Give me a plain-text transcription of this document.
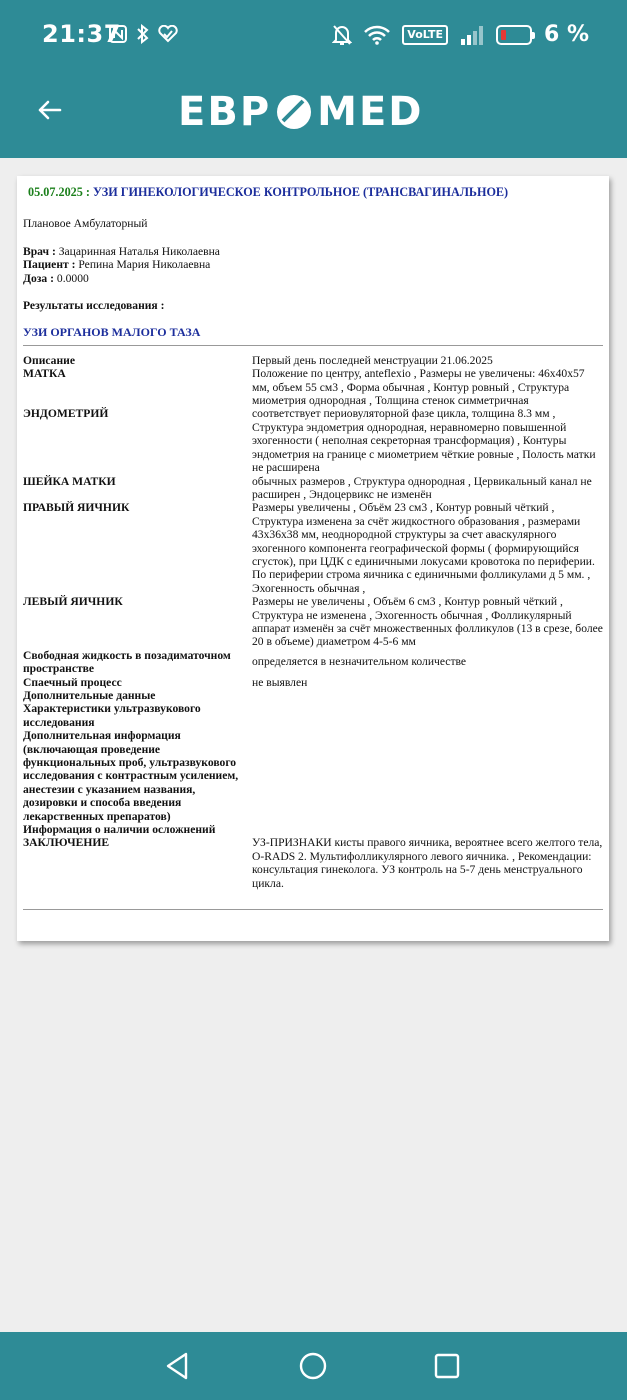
21:37	VoLTE	6 %
ЕВР MED
05.07.2025 : УЗИ ГИНЕКОЛОГИЧЕСКОЕ КОНТРОЛЬНОЕ (ТРАНСВАГИНАЛЬНОЕ)
Плановое Амбулаторный
Врач : Зацаринная Наталья Николаевна
Пациент : Репина Мария Николаевна
Доза : 0.0000
Результаты исследования :
УЗИ ОРГАНОВ МАЛОГО ТАЗА
Описание	Первый день последней менструации 21.06.2025
МАТКА	Положение по центру, anteflexio , Размеры не увеличены: 46х40х57 мм, объем 55 см3 , Форма обычная , Контур ровный , Структура миометрия однородная , Толщина стенок симметричная
ЭНДОМЕТРИЙ	соответствует периовуляторной фазе цикла, толщина 8.3 мм , Структура эндометрия однородная, неравномерно повышенной эхогенности ( неполная секреторная трансформация) , Контуры эндометрия на границе с миометрием чёткие ровные , Полость матки не расширена
ШЕЙКА МАТКИ	обычных размеров , Структура однородная , Цервикальный канал не расширен , Эндоцервикс не изменён
ПРАВЫЙ ЯИЧНИК	Размеры увеличены , Объём 23 см3 , Контур ровный чёткий , Структура изменена за счёт жидкостного образования , размерами 43х36х38 мм, неоднородной структуры за счет аваскулярного эхогенного компонента географической формы ( формирующийся сгусток), при ЦДК с единичными локусами кровотока по периферии. По периферии строма яичника с единичными фолликулами д 5 мм. , Эхогенность обычная ,
ЛЕВЫЙ ЯИЧНИК	Размеры не увеличены , Объём 6 см3 , Контур ровный чёткий , Структура не изменена , Эхогенность обычная , Фолликулярный аппарат изменён за счёт множественных фолликулов (13 в срезе, более 20 в объеме) диаметром 4-5-6 мм
Свободная жидкость в позадиматочном пространстве	определяется в незначительном количестве
Спаечный процесс	не выявлен
Дополнительные данные	
Характеристики ультразвукового исследования	
Дополнительная информация (включающая проведение функциональных проб, ультразвукового исследования с контрастным усилением, анестезии с указанием названия, дозировки и способа введения лекарственных препаратов)	
Информация о наличии осложнений	
ЗАКЛЮЧЕНИЕ	УЗ-ПРИЗНАКИ кисты правого яичника, вероятнее всего желтого тела, O-RADS 2. Мультифолликулярного левого яичника. , Рекомендации: консультация гинеколога. УЗ контроль на 5-7 день менструального цикла.
